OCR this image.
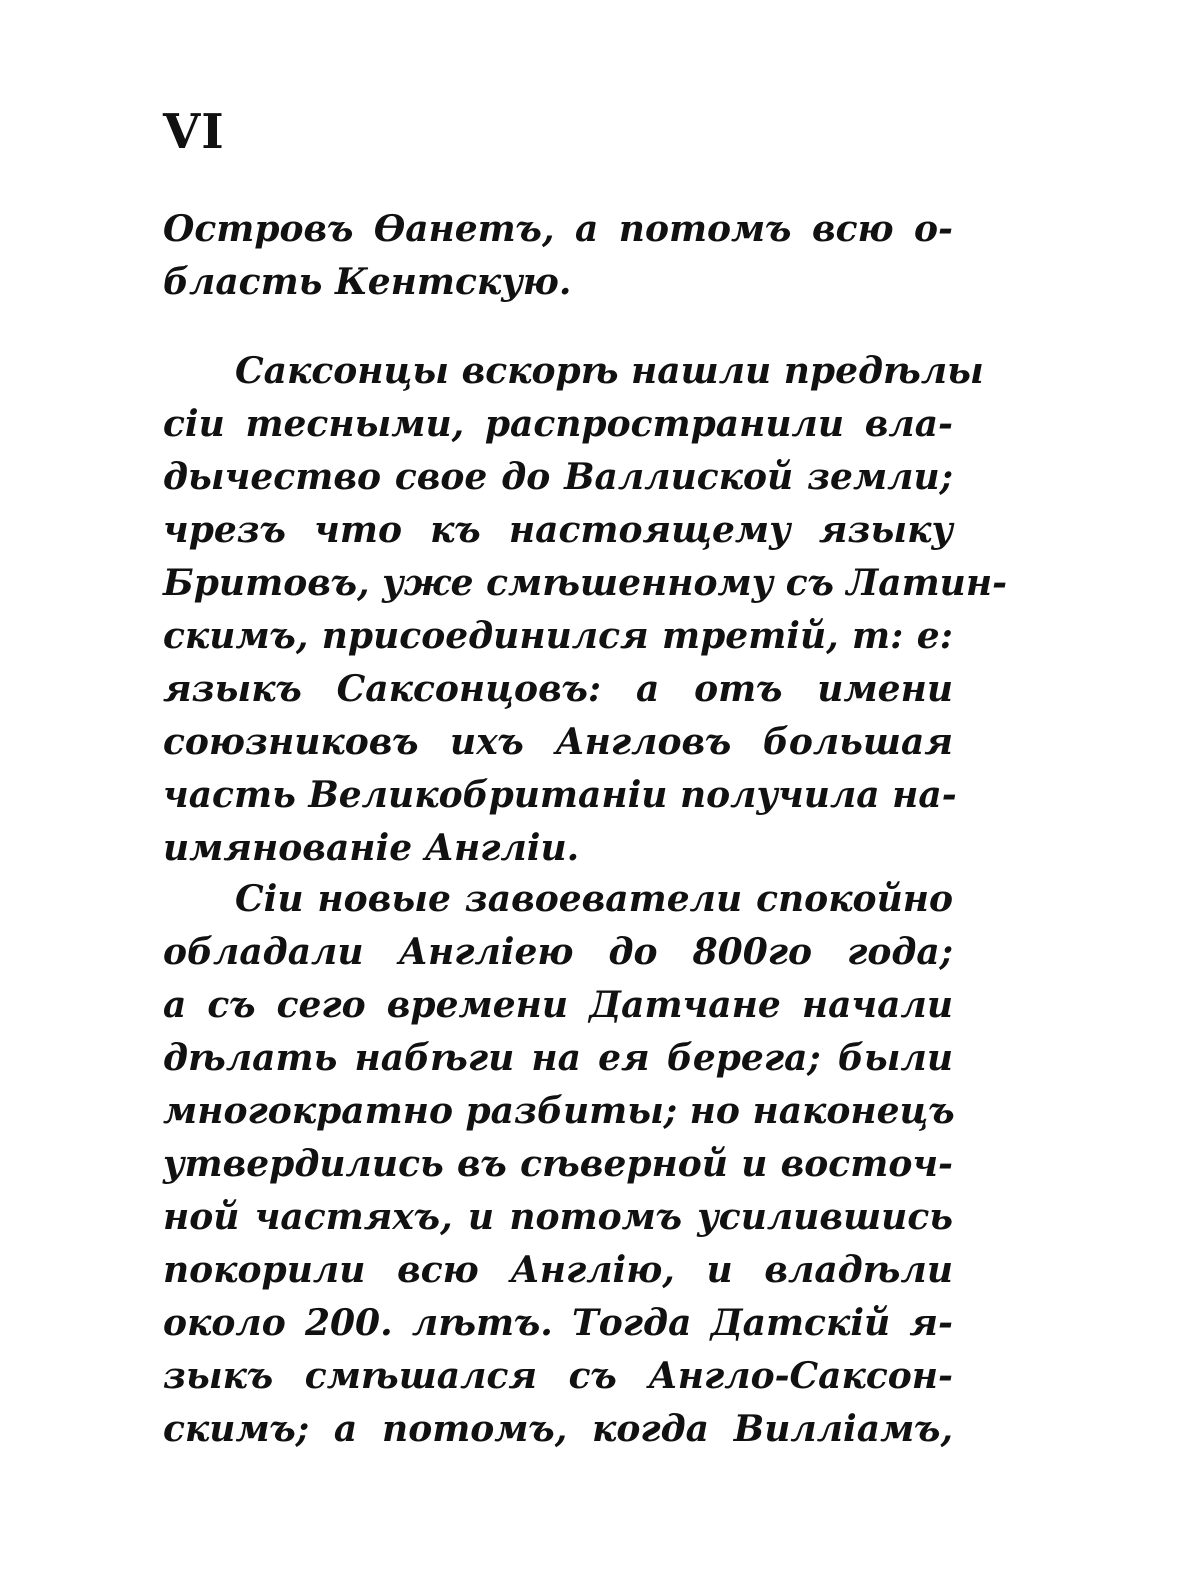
VI
Островъ Өанетъ, а потомъ всю о-
бласть Кентскую.
Саксонцы вскорѣ нашли предѣлы
сіи тесными, распространили вла-
дычество свое до Валлиской земли;
чрезъ что къ настоящему языку
Бритовъ, уже смѣшенному съ Латин-
скимъ, присоединился третій, т: е:
языкъ Саксонцовъ: а отъ имени
союзниковъ ихъ Англовъ большая
часть Великобританіи получила на-
имянованіе Англіи.
Сіи новые завоеватели спокойно
обладали Англіею до 800го года;
а съ сего времени Датчане начали
дѣлать набѣги на ея берега; были
многократно разбиты; но наконецъ
утвердились въ сѣверной и восточ-
ной частяхъ, и потомъ усилившись
покорили всю Англію, и владѣли
около 200. лѣтъ. Тогда Датскій я-
зыкъ смѣшался съ Англо-Саксон-
скимъ; а потомъ, когда Вилліамъ,
